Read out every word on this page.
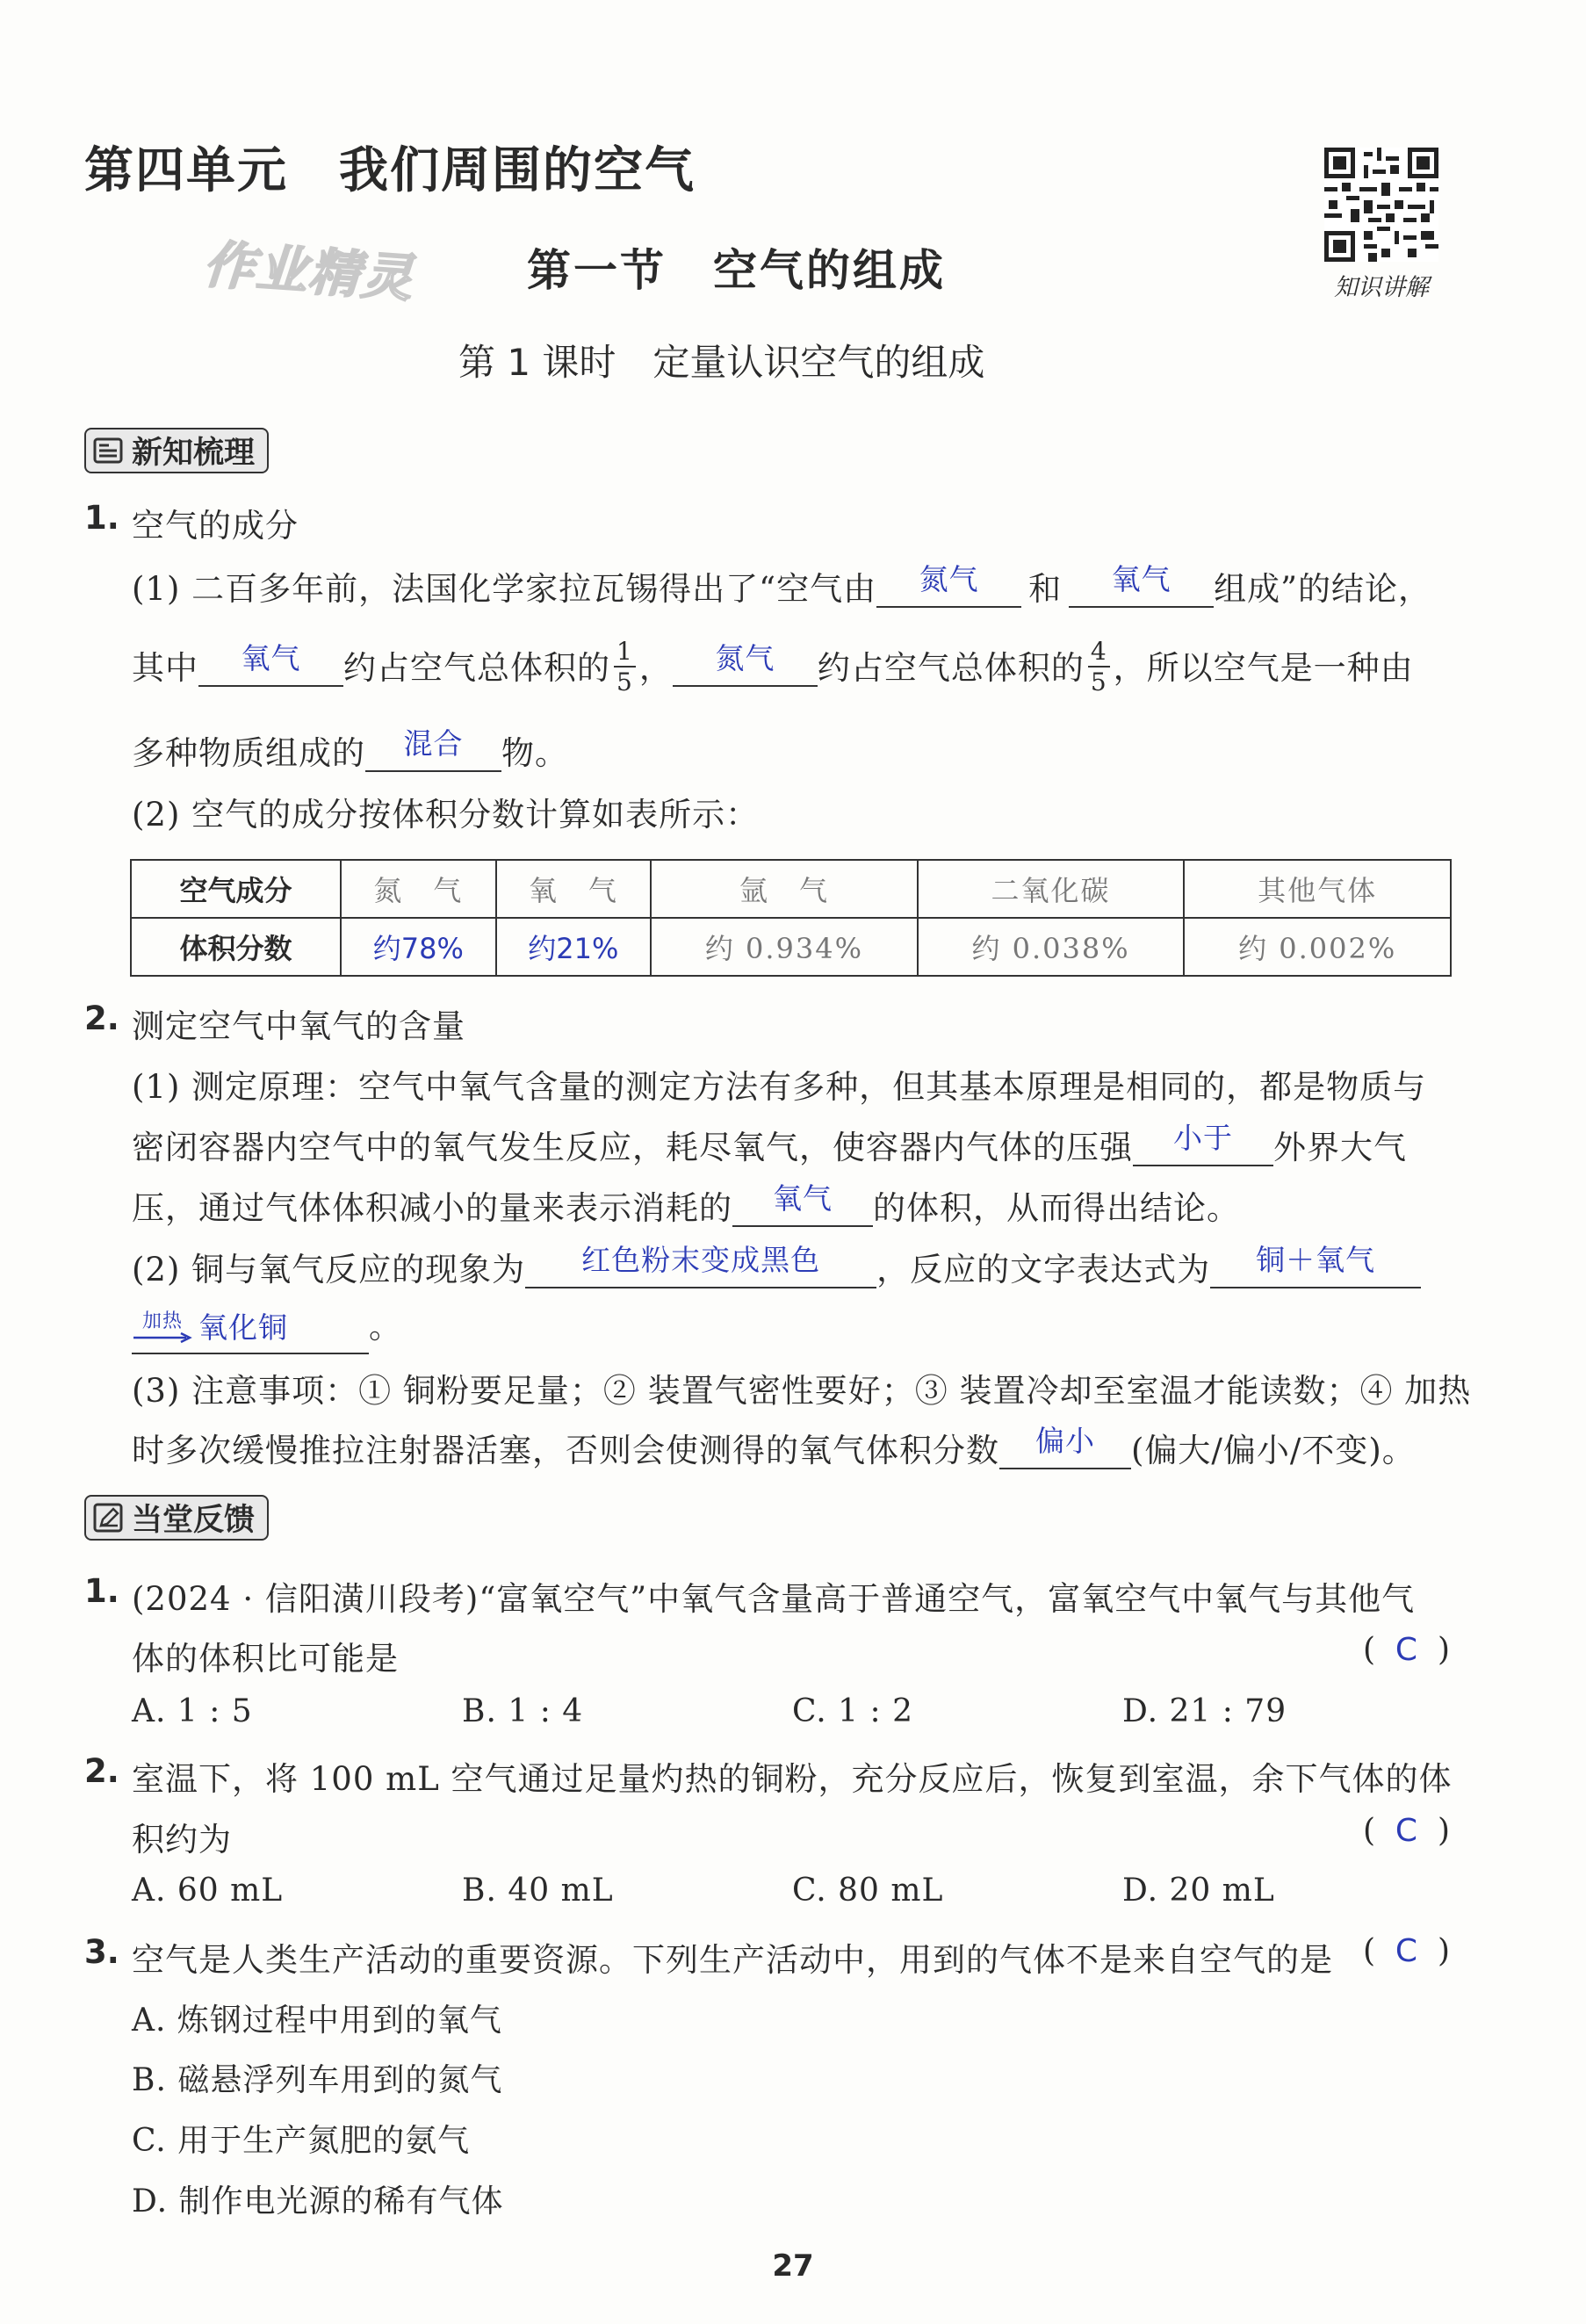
第四单元　我们周围的空气
知识讲解
作业精灵	第一节　空气的组成
第 1 课时　定量认识空气的组成
新知梳理
1. 空气的成分
(1) 二百多年前，法国化学家拉瓦锡得出了“空气由 氮气 和 氧气 组成”的结论，
其中 氧气 约占空气总体积的 $\frac{1}{5}$ ， 氮气 约占空气总体积的 $\frac{4}{5}$ ，所以空气是一种由
多种物质组成的 混合 物。
(2) 空气的成分按体积分数计算如表所示：
空气成分	氮　气	氧　气	氩　气	二氧化碳	其他气体
体积分数	约78%	约21%	约 0.934%	约 0.038%	约 0.002%
2. 测定空气中氧气的含量
(1) 测定原理：空气中氧气含量的测定方法有多种，但其基本原理是相同的，都是物质与
密闭容器内空气中的氧气发生反应，耗尽氧气，使容器内气体的压强 小于 外界大气
压，通过气体体积减小的量来表示消耗的 氧气 的体积，从而得出结论。
(2) 铜与氧气反应的现象为 红色粉末变成黑色 ，反应的文字表达式为 铜＋氧气
加热 氧化铜 。
(3) 注意事项：① 铜粉要足量；② 装置气密性要好；③ 装置冷却至室温才能读数；④ 加热
时多次缓慢推拉注射器活塞，否则会使测得的氧气体积分数 偏小 (偏大/偏小/不变)。
当堂反馈
1. (2024 · 信阳潢川段考)“富氧空气”中氧气含量高于普通空气，富氧空气中氧气与其他气
体的体积比可能是	(  C  )
A. 1 : 5	B. 1 : 4	C. 1 : 2	D. 21 : 79
2. 室温下，将 100 mL 空气通过足量灼热的铜粉，充分反应后，恢复到室温，余下气体的体
积约为	(  C  )
A. 60 mL	B. 40 mL	C. 80 mL	D. 20 mL
3. 空气是人类生产活动的重要资源。下列生产活动中，用到的气体不是来自空气的是 (  C  )
A. 炼钢过程中用到的氧气
B. 磁悬浮列车用到的氮气
C. 用于生产氮肥的氨气
D. 制作电光源的稀有气体
27
